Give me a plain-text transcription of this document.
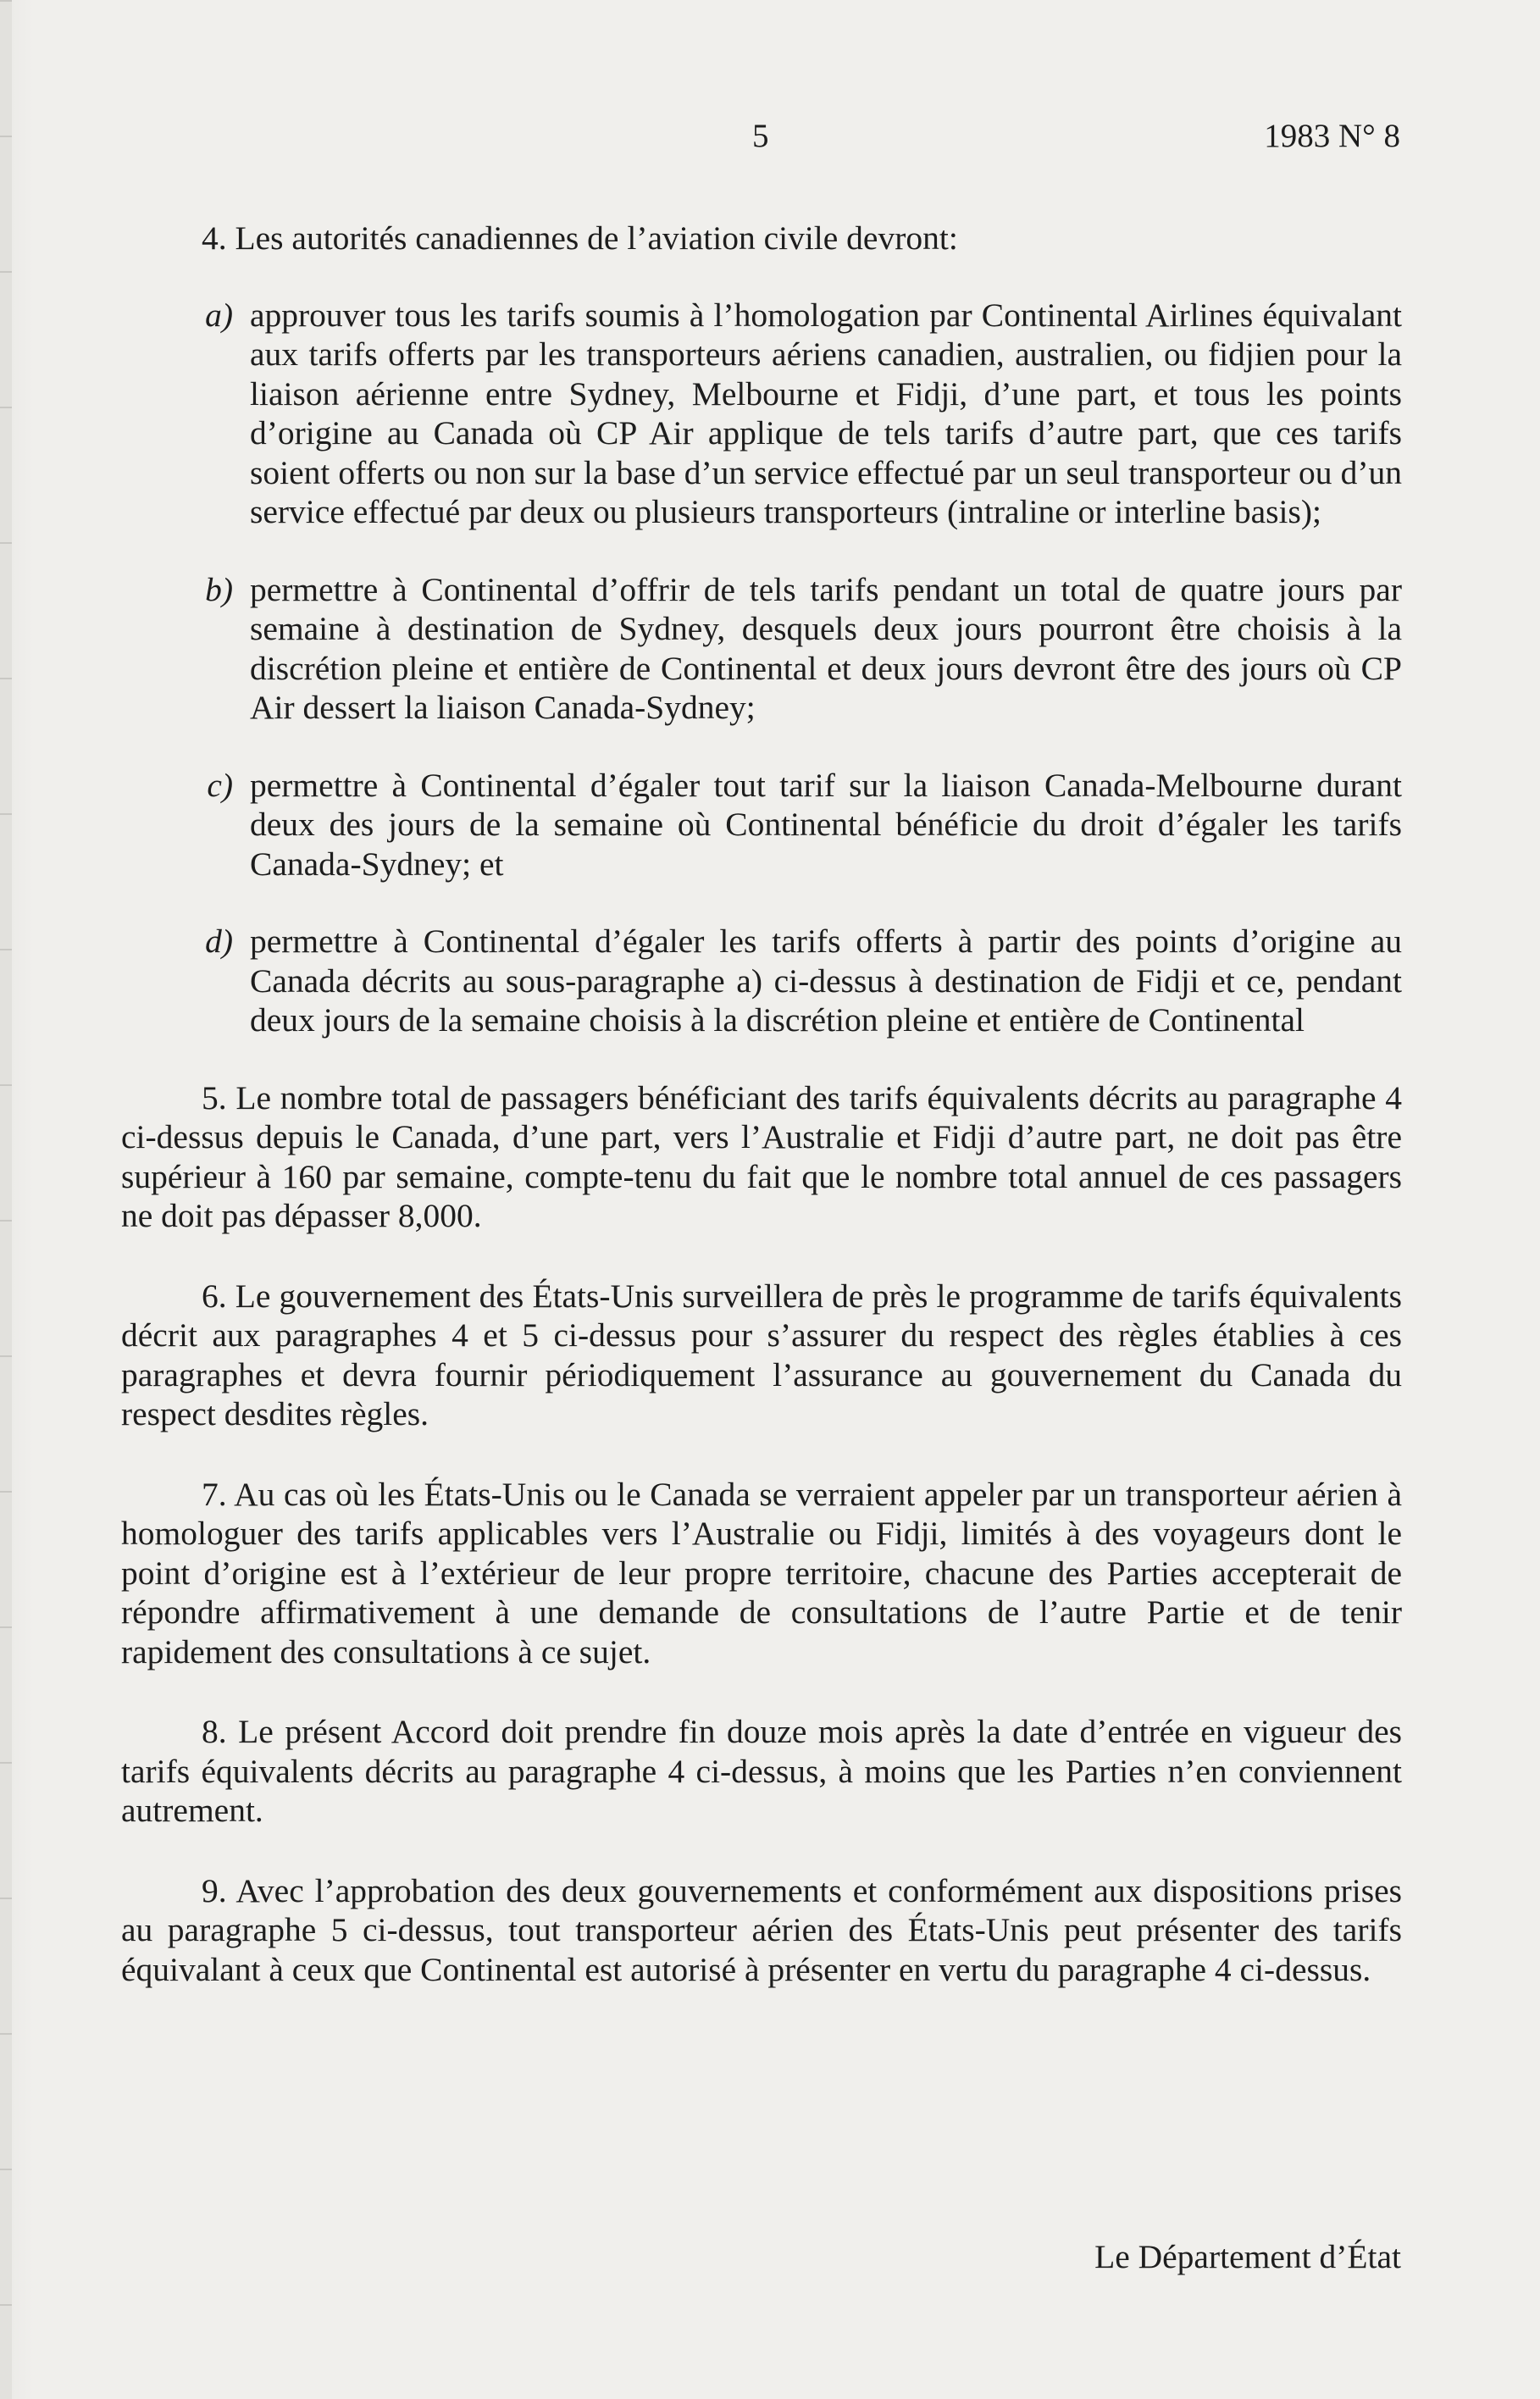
5	1983 N° 8

4. Les autorités canadiennes de l’aviation civile devront:

a) approuver tous les tarifs soumis à l’homologation par Continental Airlines équivalant aux tarifs offerts par les transporteurs aériens canadien, australien, ou fidjien pour la liaison aérienne entre Sydney, Melbourne et Fidji, d’une part, et tous les points d’origine au Canada où CP Air applique de tels tarifs d’autre part, que ces tarifs soient offerts ou non sur la base d’un service effectué par un seul transporteur ou d’un service effectué par deux ou plusieurs transporteurs (intraline or interline basis);
b) permettre à Continental d’offrir de tels tarifs pendant un total de quatre jours par semaine à destination de Sydney, desquels deux jours pourront être choisis à la discrétion pleine et entière de Continental et deux jours devront être des jours où CP Air dessert la liaison Canada-Sydney;
c) permettre à Continental d’égaler tout tarif sur la liaison Canada-Melbourne durant deux des jours de la semaine où Continental bénéficie du droit d’égaler les tarifs Canada-Sydney; et
d) permettre à Continental d’égaler les tarifs offerts à partir des points d’origine au Canada décrits au sous-paragraphe a) ci-dessus à destination de Fidji et ce, pendant deux jours de la semaine choisis à la discrétion pleine et entière de Continental

5. Le nombre total de passagers bénéficiant des tarifs équivalents décrits au paragraphe 4 ci-dessus depuis le Canada, d’une part, vers l’Australie et Fidji d’autre part, ne doit pas être supérieur à 160 par semaine, compte-tenu du fait que le nombre total annuel de ces passagers ne doit pas dépasser 8,000.

6. Le gouvernement des États-Unis surveillera de près le programme de tarifs équivalents décrit aux paragraphes 4 et 5 ci-dessus pour s’assurer du respect des règles établies à ces paragraphes et devra fournir périodiquement l’assurance au gouvernement du Canada du respect desdites règles.

7. Au cas où les États-Unis ou le Canada se verraient appeler par un transporteur aérien à homologuer des tarifs applicables vers l’Australie ou Fidji, limités à des voyageurs dont le point d’origine est à l’extérieur de leur propre territoire, chacune des Parties accepterait de répondre affirmativement à une demande de consultations de l’autre Partie et de tenir rapidement des consultations à ce sujet.

8. Le présent Accord doit prendre fin douze mois après la date d’entrée en vigueur des tarifs équivalents décrits au paragraphe 4 ci-dessus, à moins que les Parties n’en conviennent autrement.

9. Avec l’approbation des deux gouvernements et conformément aux dispositions prises au paragraphe 5 ci-dessus, tout transporteur aérien des États-Unis peut présenter des tarifs équivalant à ceux que Continental est autorisé à présenter en vertu du paragraphe 4 ci-dessus.

Le Département d’État
